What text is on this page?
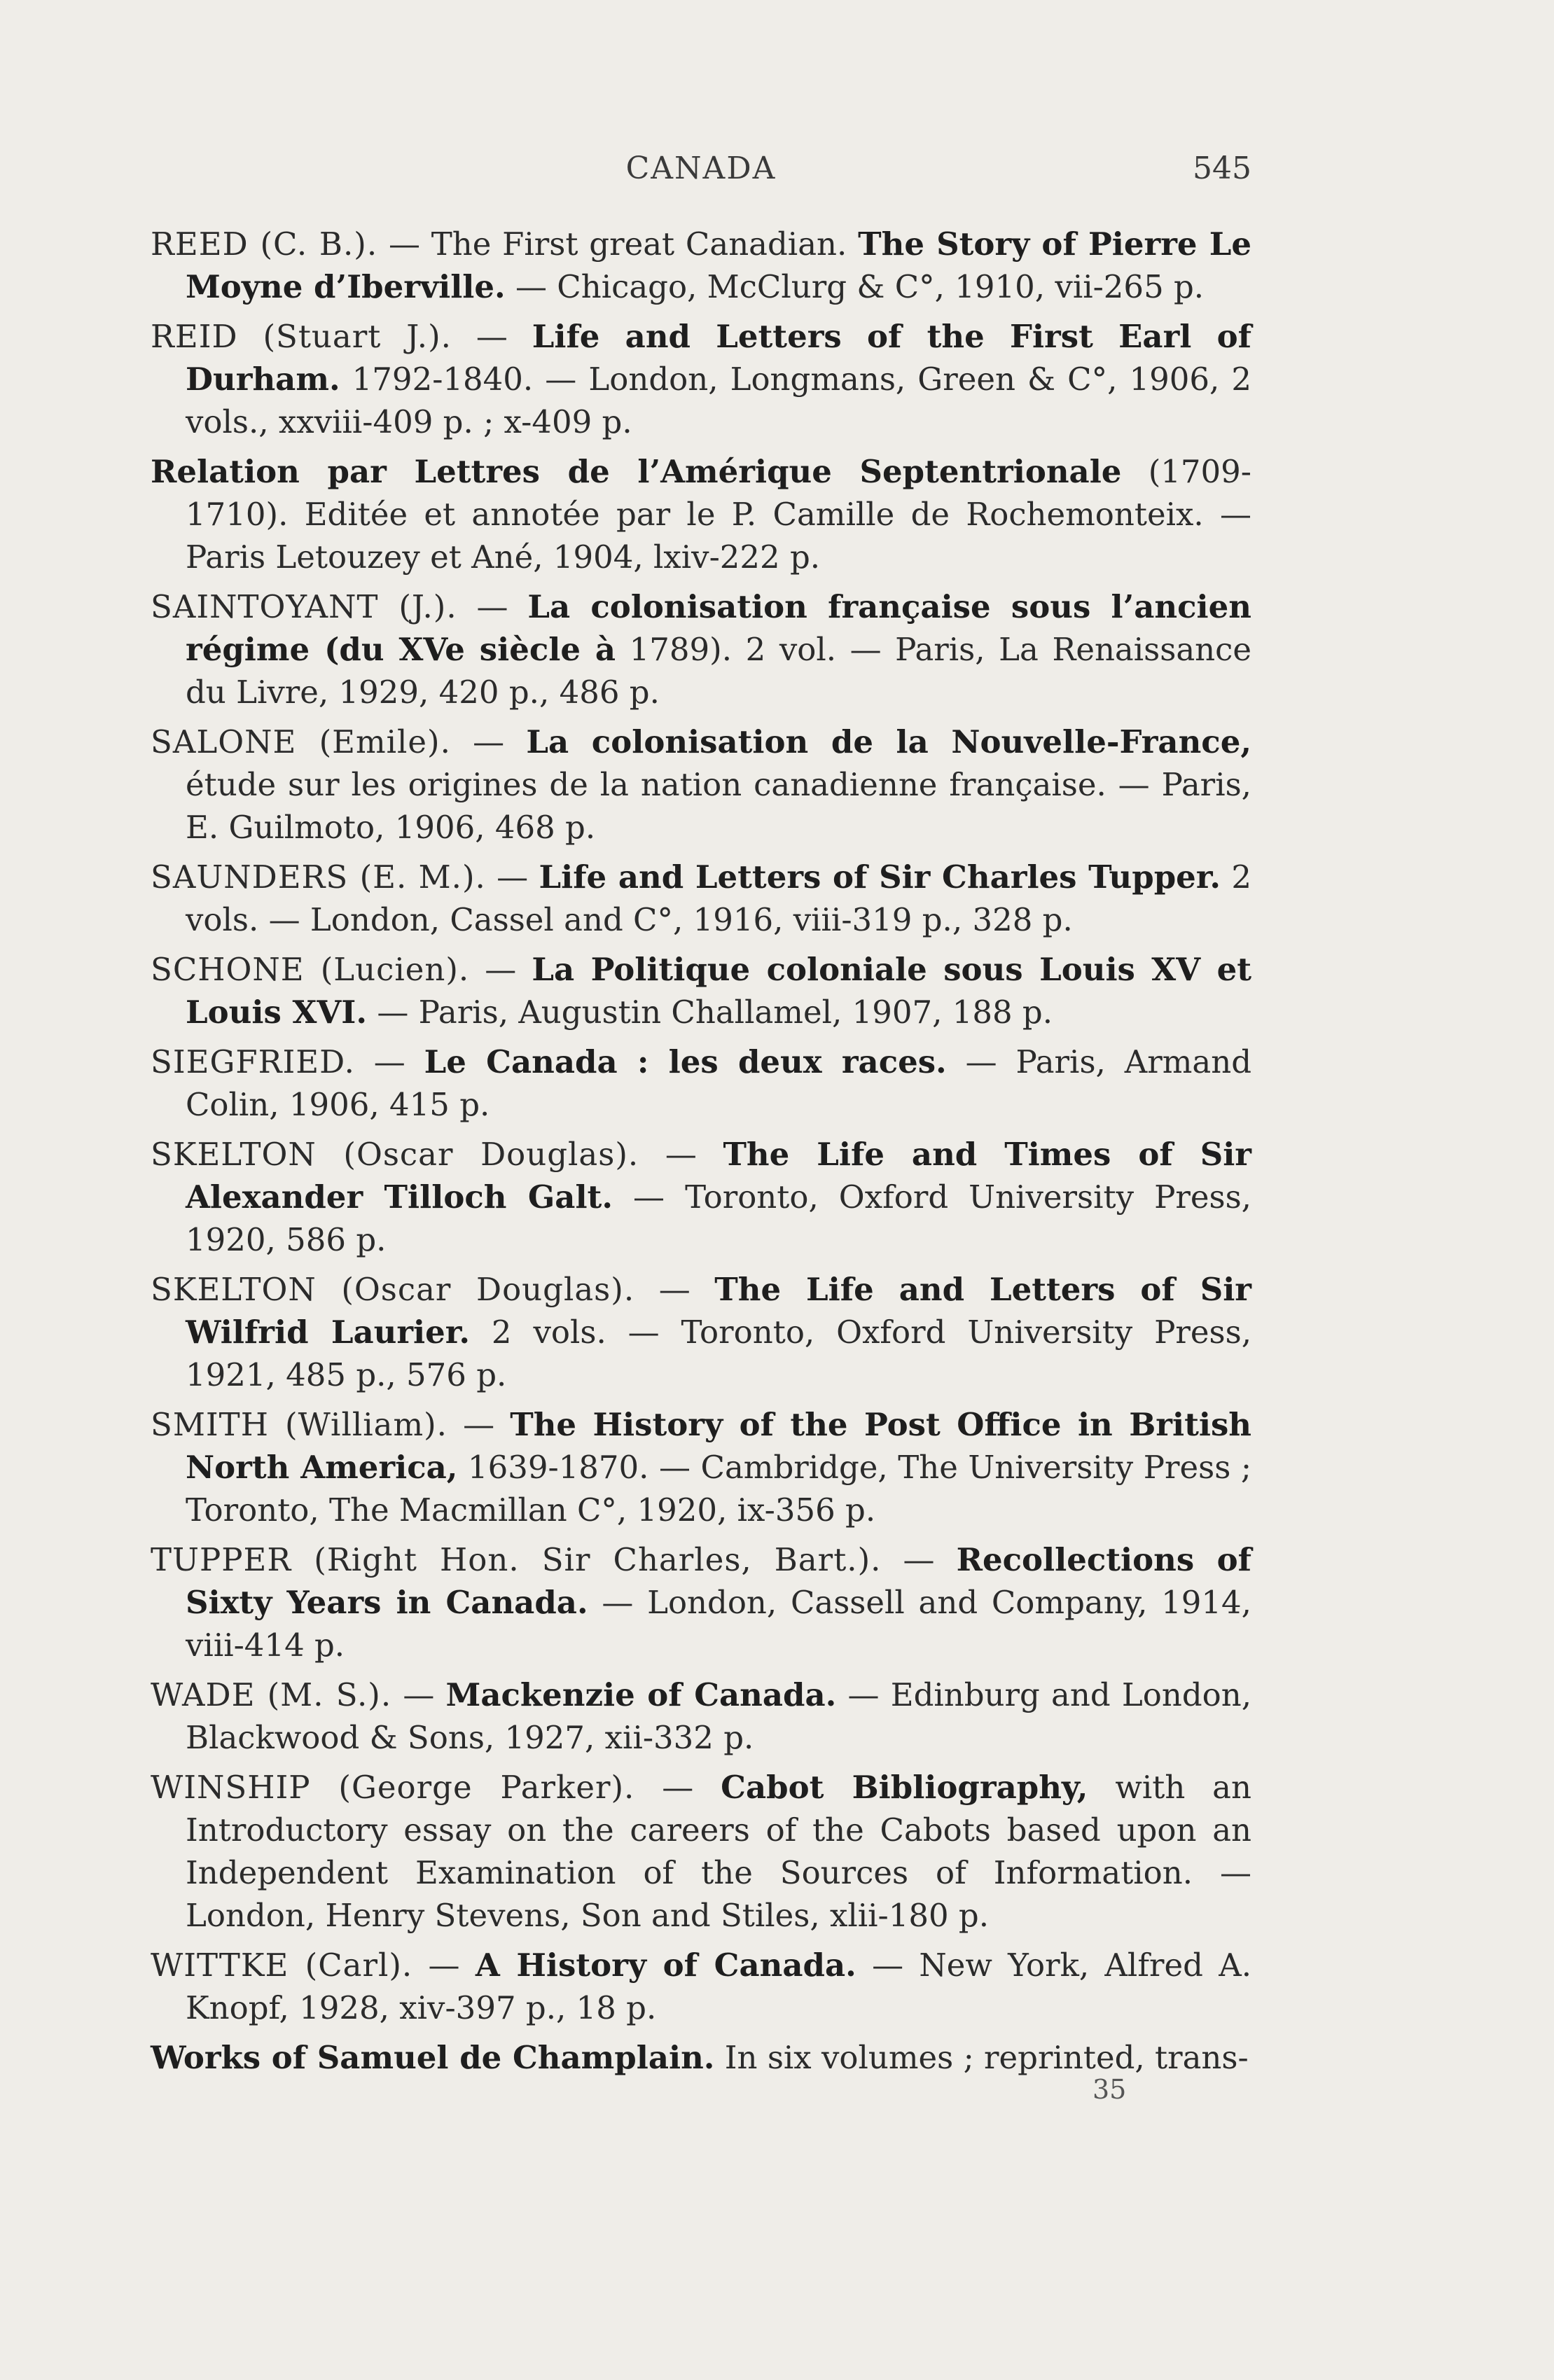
CANADA	545

REED (C. B.). — The First great Canadian. The Story of Pierre Le Moyne d’Iberville. — Chicago, McClurg & C°, 1910, vii-265 p.

REID (Stuart J.). — Life and Letters of the First Earl of Durham. 1792-1840. — London, Longmans, Green & C°, 1906, 2 vols., xxviii-409 p. ; x-409 p.

Relation par Lettres de l’Amérique Septentrionale (1709-1710). Editée et annotée par le P. Camille de Rochemonteix. — Paris Letouzey et Ané, 1904, lxiv-222 p.

SAINTOYANT (J.). — La colonisation française sous l’ancien régime (du XVe siècle à 1789). 2 vol. — Paris, La Renaissance du Livre, 1929, 420 p., 486 p.

SALONE (Emile). — La colonisation de la Nouvelle-France, étude sur les origines de la nation canadienne française. — Paris, E. Guilmoto, 1906, 468 p.

SAUNDERS (E. M.). — Life and Letters of Sir Charles Tupper. 2 vols. — London, Cassel and C°, 1916, viii-319 p., 328 p.

SCHONE (Lucien). — La Politique coloniale sous Louis XV et Louis XVI. — Paris, Augustin Challamel, 1907, 188 p.

SIEGFRIED. — Le Canada : les deux races. — Paris, Armand Colin, 1906, 415 p.

SKELTON (Oscar Douglas). — The Life and Times of Sir Alexander Tilloch Galt. — Toronto, Oxford University Press, 1920, 586 p.

SKELTON (Oscar Douglas). — The Life and Letters of Sir Wilfrid Laurier. 2 vols. — Toronto, Oxford University Press, 1921, 485 p., 576 p.

SMITH (William). — The History of the Post Office in British North America, 1639-1870. — Cambridge, The University Press ; Toronto, The Macmillan C°, 1920, ix-356 p.

TUPPER (Right Hon. Sir Charles, Bart.). — Recollections of Sixty Years in Canada. — London, Cassell and Company, 1914, viii-414 p.

WADE (M. S.). — Mackenzie of Canada. — Edinburg and London, Blackwood & Sons, 1927, xii-332 p.

WINSHIP (George Parker). — Cabot Bibliography, with an Introductory essay on the careers of the Cabots based upon an Independent Examination of the Sources of Information. — London, Henry Stevens, Son and Stiles, xlii-180 p.

WITTKE (Carl). — A History of Canada. — New York, Alfred A. Knopf, 1928, xiv-397 p., 18 p.

Works of Samuel de Champlain. In six volumes ; reprinted, trans-

35
